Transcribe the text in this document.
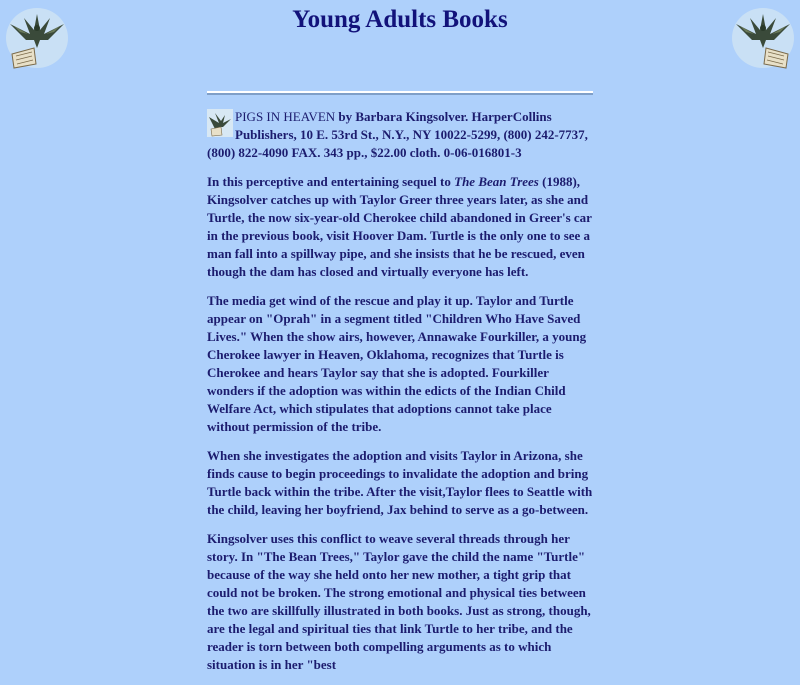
Young Adults Books
PIGS IN HEAVEN by Barbara Kingsolver. HarperCollins Publishers, 10 E. 53rd St., N.Y., NY 10022-5299, (800) 242-7737, (800) 822-4090 FAX. 343 pp., $22.00 cloth. 0-06-016801-3

In this perceptive and entertaining sequel to The Bean Trees (1988), Kingsolver catches up with Taylor Greer three years later, as she and Turtle, the now six-year-old Cherokee child abandoned in Greer's car in the previous book, visit Hoover Dam. Turtle is the only one to see a man fall into a spillway pipe, and she insists that he be rescued, even though the dam has closed and virtually everyone has left.

The media get wind of the rescue and play it up. Taylor and Turtle appear on "Oprah" in a segment titled "Children Who Have Saved Lives." When the show airs, however, Annawake Fourkiller, a young Cherokee lawyer in Heaven, Oklahoma, recognizes that Turtle is Cherokee and hears Taylor say that she is adopted. Fourkiller wonders if the adoption was within the edicts of the Indian Child Welfare Act, which stipulates that adoptions cannot take place without permission of the tribe.

When she investigates the adoption and visits Taylor in Arizona, she finds cause to begin proceedings to invalidate the adoption and bring Turtle back within the tribe. After the visit,Taylor flees to Seattle with the child, leaving her boyfriend, Jax behind to serve as a go-between.

Kingsolver uses this conflict to weave several threads through her story. In "The Bean Trees," Taylor gave the child the name "Turtle" because of the way she held onto her new mother, a tight grip that could not be broken. The strong emotional and physical ties between the two are skillfully illustrated in both books. Just as strong, though, are the legal and spiritual ties that link Turtle to her tribe, and the reader is torn between both compelling arguments as to which situation is in her "best
